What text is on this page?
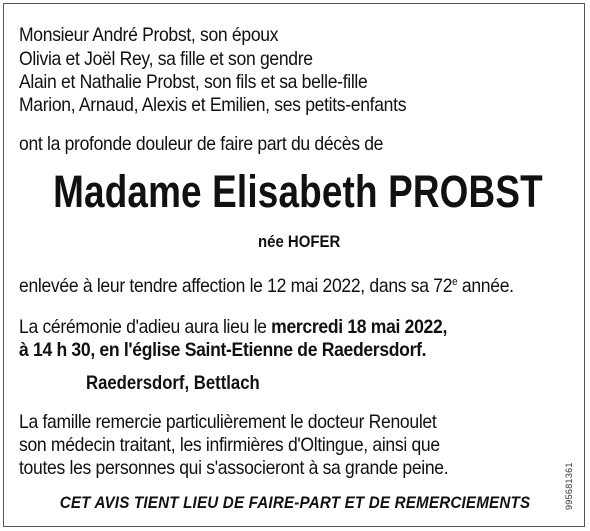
Monsieur André Probst, son époux
Olivia et Joël Rey, sa fille et son gendre
Alain et Nathalie Probst, son fils et sa belle-fille
Marion, Arnaud, Alexis et Emilien, ses petits-enfants
ont la profonde douleur de faire part du décès de
Madame Elisabeth PROBST
née HOFER
enlevée à leur tendre affection le 12 mai 2022, dans sa 72e année.
La cérémonie d'adieu aura lieu le mercredi 18 mai 2022,
à 14 h 30, en l'église Saint-Etienne de Raedersdorf.
Raedersdorf, Bettlach
La famille remercie particulièrement le docteur Renoulet
son médecin traitant, les infirmières d'Oltingue, ainsi que
toutes les personnes qui s'associeront à sa grande peine.
CET AVIS TIENT LIEU DE FAIRE-PART ET DE REMERCIEMENTS	995681361
